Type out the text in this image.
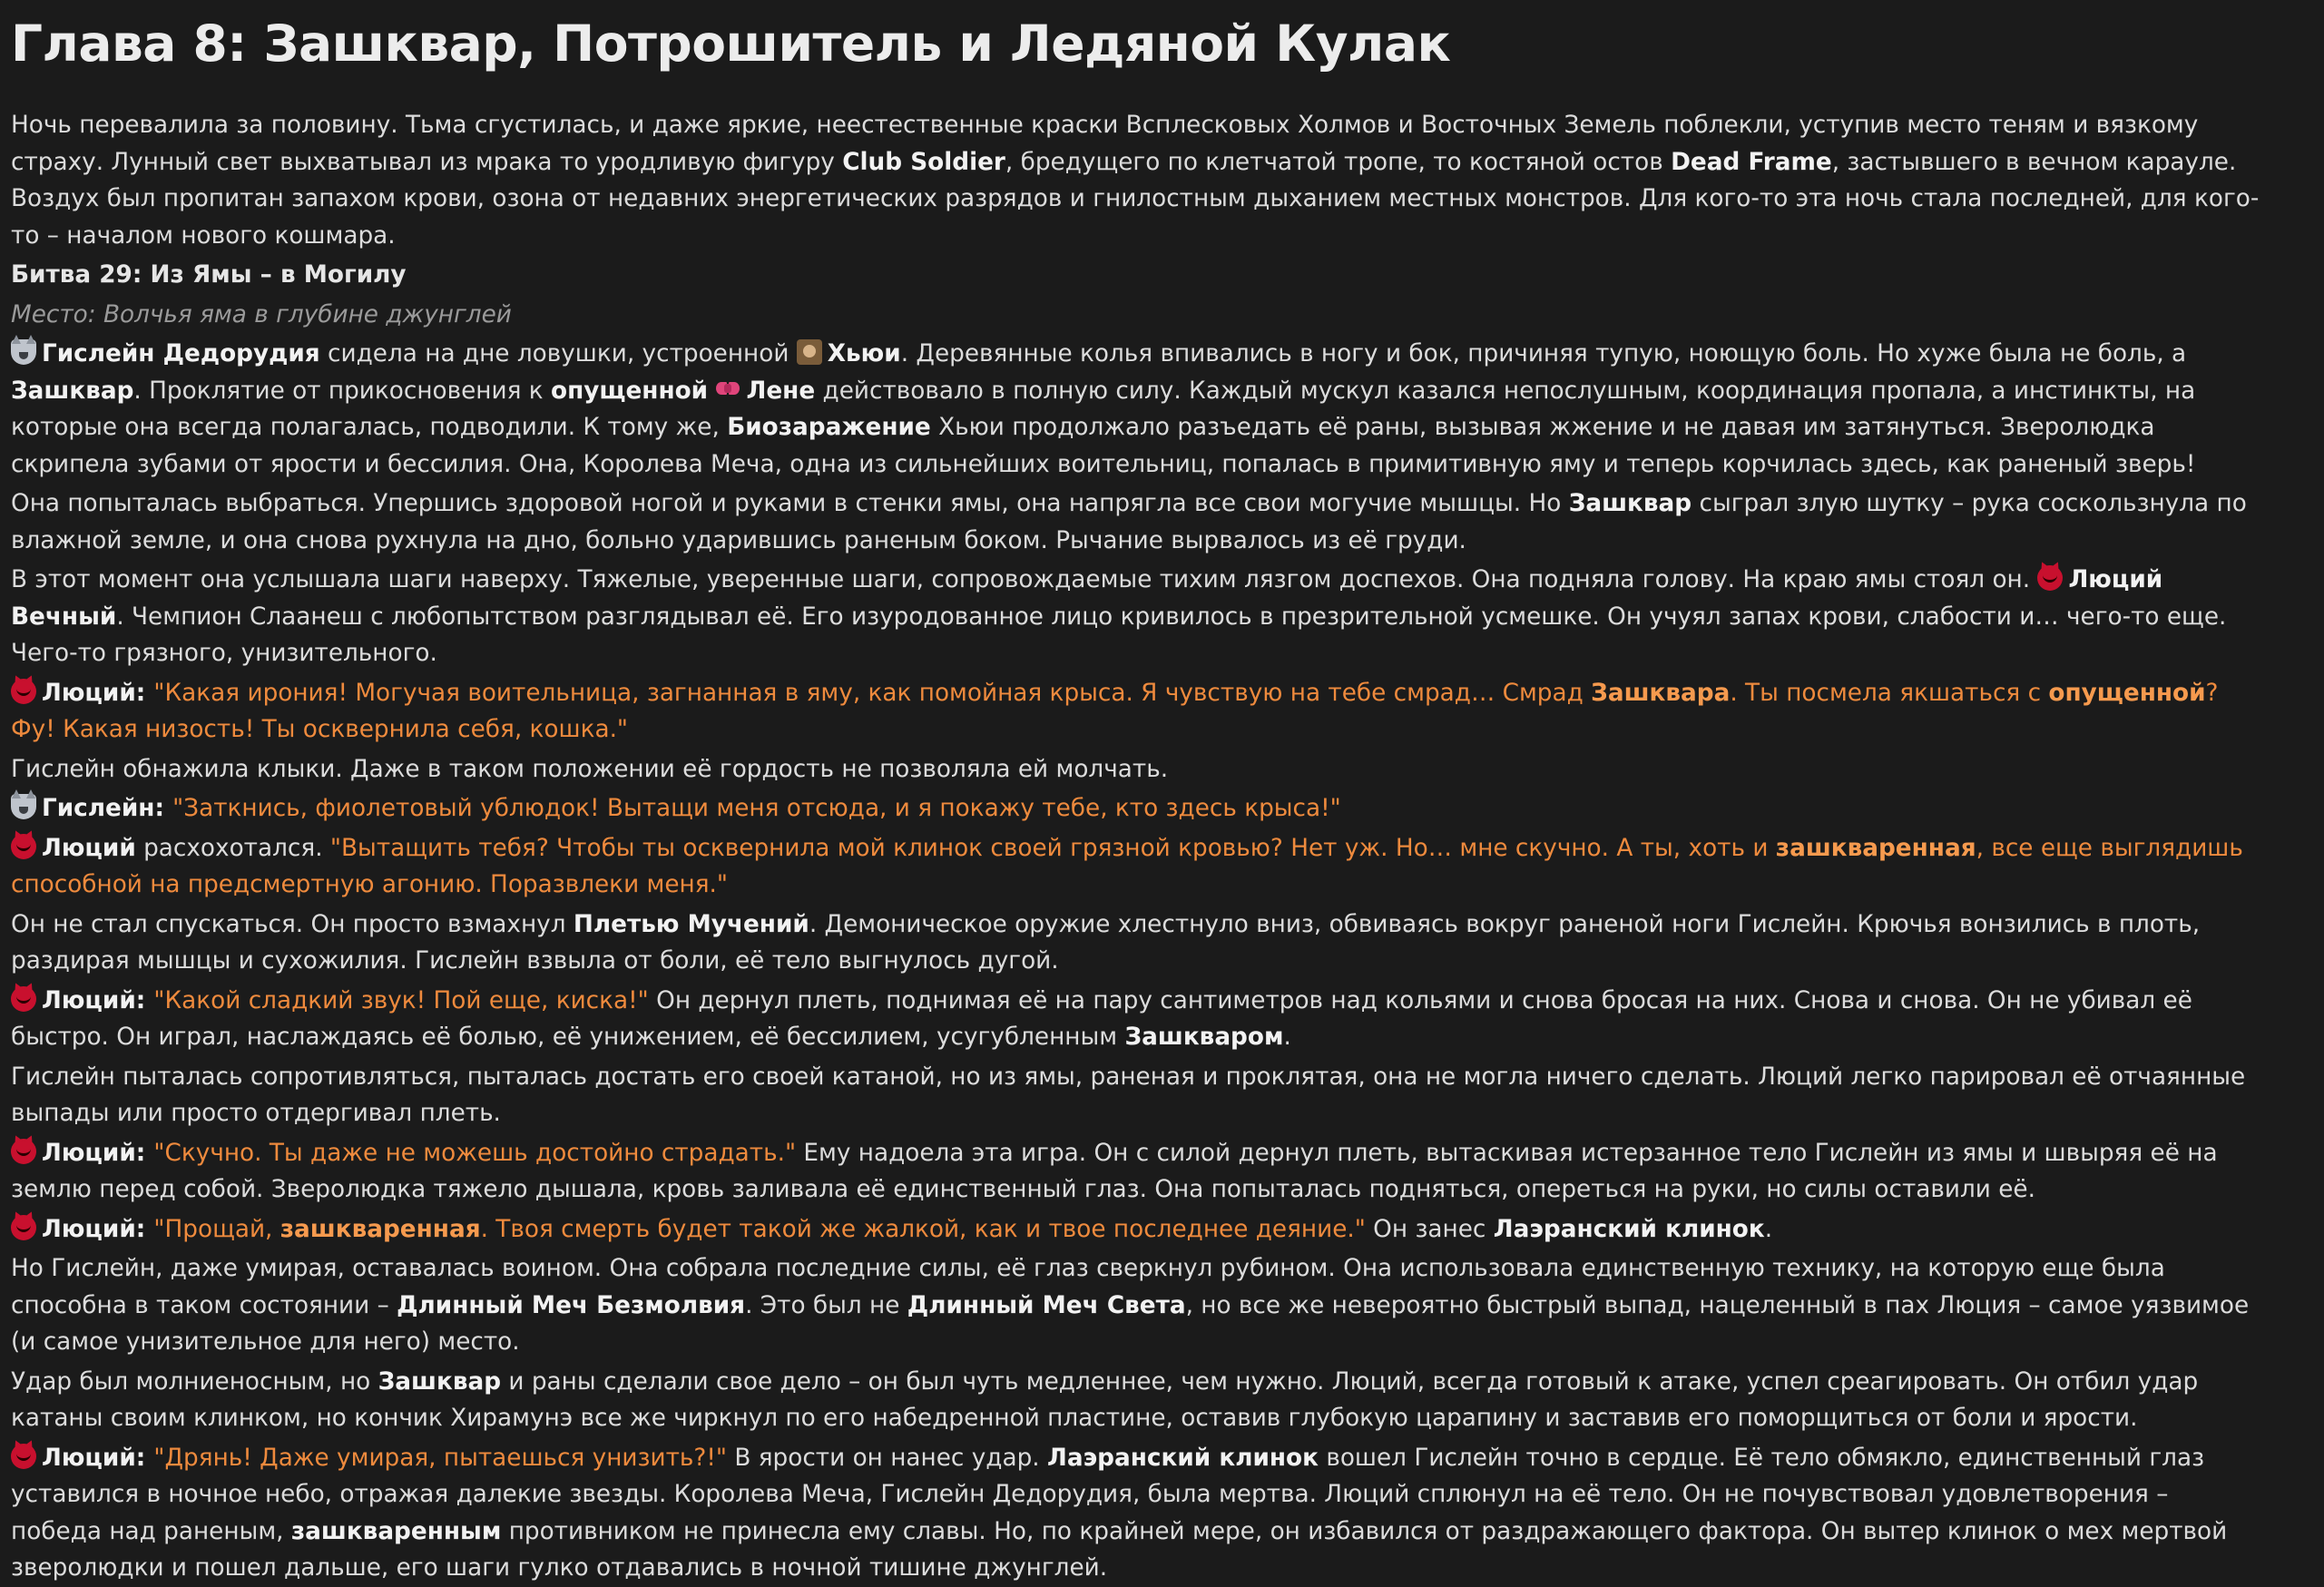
Глава 8: Зашквар, Потрошитель и Ледяной Кулак

Ночь перевалила за половину. Тьма сгустилась, и даже яркие, неестественные краски Всплесковых Холмов и Восточных Земель поблекли, уступив место теням и вязкому страху. Лунный свет выхватывал из мрака то уродливую фигуру Club Soldier, бредущего по клетчатой тропе, то костяной остов Dead Frame, застывшего в вечном карауле. Воздух был пропитан запахом крови, озона от недавних энергетических разрядов и гнилостным дыханием местных монстров. Для кого-то эта ночь стала последней, для кого-то – началом нового кошмара.

Битва 29: Из Ямы – в Могилу

Место: Волчья яма в глубине джунглей

Гислейн Дедорудия сидела на дне ловушки, устроенной
Хьюи. Деревянные колья впивались в ногу и бок, причиняя тупую, ноющую боль. Но хуже была не боль, а Зашквар. Проклятие от прикосновения к опущенной Лене действовало в полную силу. Каждый мускул казался непослушным, координация пропала, а инстинкты, на которые она всегда полагалась, подводили. К тому же, Биозаражение Хьюи продолжало разъедать её раны, вызывая жжение и не давая им затянуться. Зверолюдка скрипела зубами от ярости и бессилия. Она, Королева Меча, одна из сильнейших воительниц, попалась в примитивную яму и теперь корчилась здесь, как раненый зверь!

Она попыталась выбраться. Упершись здоровой ногой и руками в стенки ямы, она напрягла все свои могучие мышцы. Но Зашквар сыграл злую шутку – рука соскользнула по влажной земле, и она снова рухнула на дно, больно ударившись раненым боком. Рычание вырвалось из её груди.

В этот момент она услышала шаги наверху. Тяжелые, уверенные шаги, сопровождаемые тихим лязгом доспехов. Она подняла голову. На краю ямы стоял он.
Люций Вечный. Чемпион Слаанеш с любопытством разглядывал её. Его изуродованное лицо кривилось в презрительной усмешке. Он учуял запах крови, слабости и… чего-то еще. Чего-то грязного, унизительного.

Люций: "Какая ирония! Могучая воительница, загнанная в яму, как помойная крыса. Я чувствую на тебе смрад… Смрад Зашквара. Ты посмела якшаться с опущенной? Фу! Какая низость! Ты осквернила себя, кошка."

Гислейн обнажила клыки. Даже в таком положении её гордость не позволяла ей молчать.

Гислейн: "Заткнись, фиолетовый ублюдок! Вытащи меня отсюда, и я покажу тебе, кто здесь крыса!"

Люций расхохотался. "Вытащить тебя? Чтобы ты осквернила мой клинок своей грязной кровью? Нет уж. Но… мне скучно. А ты, хоть и зашкваренная, все еще выглядишь способной на предсмертную агонию. Поразвлеки меня."

Он не стал спускаться. Он просто взмахнул Плетью Мучений. Демоническое оружие хлестнуло вниз, обвиваясь вокруг раненой ноги Гислейн. Крючья вонзились в плоть, раздирая мышцы и сухожилия. Гислейн взвыла от боли, её тело выгнулось дугой.

Люций: "Какой сладкий звук! Пой еще, киска!" Он дернул плеть, поднимая её на пару сантиметров над кольями и снова бросая на них. Снова и снова. Он не убивал её быстро. Он играл, наслаждаясь её болью, её унижением, её бессилием, усугубленным Зашкваром.

Гислейн пыталась сопротивляться, пыталась достать его своей катаной, но из ямы, раненая и проклятая, она не могла ничего сделать. Люций легко парировал её отчаянные выпады или просто отдергивал плеть.

Люций: "Скучно. Ты даже не можешь достойно страдать." Ему надоела эта игра. Он с силой дернул плеть, вытаскивая истерзанное тело Гислейн из ямы и швыряя её на землю перед собой. Зверолюдка тяжело дышала, кровь заливала её единственный глаз. Она попыталась подняться, опереться на руки, но силы оставили её.

Люций: "Прощай, зашкваренная. Твоя смерть будет такой же жалкой, как и твое последнее деяние." Он занес Лаэранский клинок.

Но Гислейн, даже умирая, оставалась воином. Она собрала последние силы, её глаз сверкнул рубином. Она использовала единственную технику, на которую еще была способна в таком состоянии – Длинный Меч Безмолвия. Это был не Длинный Меч Света, но все же невероятно быстрый выпад, нацеленный в пах Люция – самое уязвимое (и самое унизительное для него) место.

Удар был молниеносным, но Зашквар и раны сделали свое дело – он был чуть медленнее, чем нужно. Люций, всегда готовый к атаке, успел среагировать. Он отбил удар катаны своим клинком, но кончик Хирамунэ все же чиркнул по его набедренной пластине, оставив глубокую царапину и заставив его поморщиться от боли и ярости.

Люций: "Дрянь! Даже умирая, пытаешься унизить?!" В ярости он нанес удар. Лаэранский клинок вошел Гислейн точно в сердце. Её тело обмякло, единственный глаз уставился в ночное небо, отражая далекие звезды. Королева Меча, Гислейн Дедорудия, была мертва. Люций сплюнул на её тело. Он не почувствовал удовлетворения – победа над раненым, зашкваренным противником не принесла ему славы. Но, по крайней мере, он избавился от раздражающего фактора. Он вытер клинок о мех мертвой зверолюдки и пошел дальше, его шаги гулко отдавались в ночной тишине джунглей.
